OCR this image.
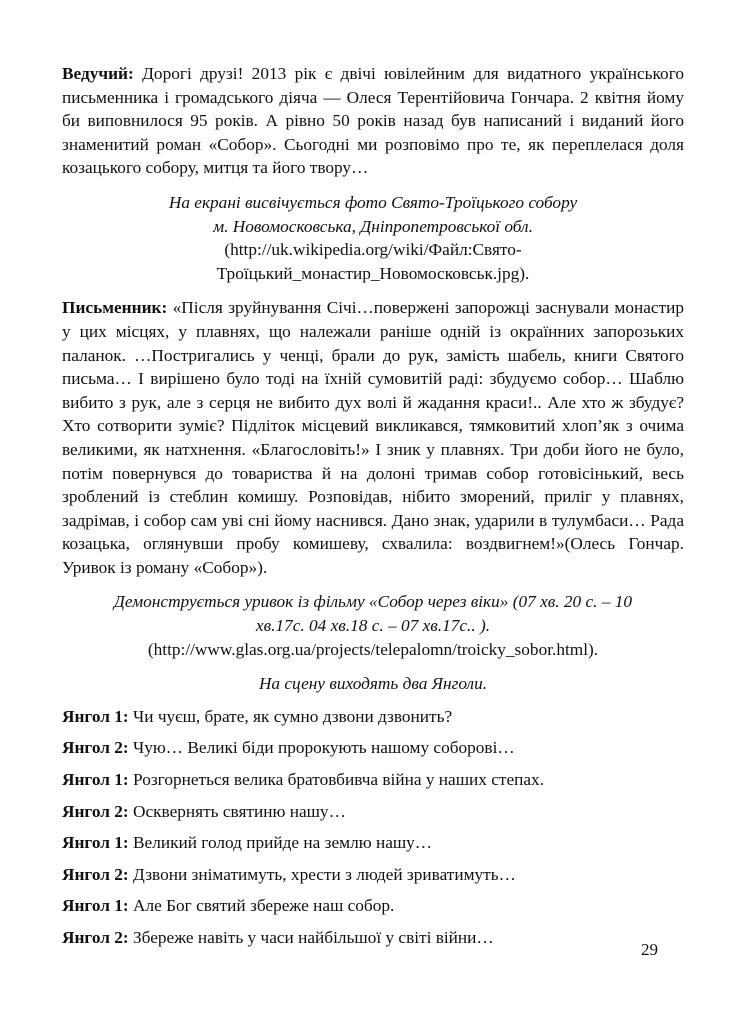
Ведучий: Дорогі друзі! 2013 рік є двічі ювілейним для видатного українського письменника і громадського діяча — Олеся Терентійовича Гончара. 2 квітня йому би виповнилося 95 років. А рівно 50 років назад був написаний і виданий його знаменитий роман «Собор». Сьогодні ми розповімо про те, як переплелася доля козацького собору, митця та його твору…

На екрані висвічується фото Свято-Троїцького собору

м. Новомосковська, Дніпропетровської обл.

(http://uk.wikipedia.org/wiki/Файл:Свято-

Троїцький_монастир_Новомосковськ.jpg).

Письменник: «Після зруйнування Січі…повержені запорожці заснували монастир у цих місцях, у плавнях, що належали раніше одній із окраїнних запорозьких паланок. …Постригались у ченці, брали до рук, замість шабель, книги Святого письма… І вирішено було тоді на їхній сумовитій раді: збудуємо собор… Шаблю вибито з рук, але з серця не вибито дух волі й жадання краси!.. Але хто ж збудує? Хто сотворити зуміє? Підліток місцевий викликався, тямковитий хлоп’як з очима великими, як натхнення. «Благословіть!» І зник у плавнях. Три доби його не було, потім повернувся до товариства й на долоні тримав собор готовісінький, весь зроблений із стеблин комишу. Розповідав, нібито зморений, приліг у плавнях, задрімав, і собор сам уві сні йому наснився. Дано знак, ударили в тулумбаси… Рада козацька, оглянувши пробу комишеву, схвалила: воздвигнем!»(Олесь Гончар. Уривок із роману «Собор»).

Демонструється уривок із фільму «Собор через віки» (07 хв. 20 с. – 10

хв.17с. 04 хв.18 с. – 07 хв.17с.. ).

(http://www.glas.org.ua/projects/telepalomn/troicky_sobor.html).

На сцену виходять два Янголи.

Янгол 1: Чи чуєш, брате, як сумно дзвони дзвонить?

Янгол 2: Чую… Великі біди пророкують нашому соборові…

Янгол 1: Розгорнеться велика братовбивча війна у наших степах.

Янгол 2: Осквернять святиню нашу…

Янгол 1: Великий голод прийде на землю нашу…

Янгол 2: Дзвони зніматимуть, хрести з людей зриватимуть…

Янгол 1: Але Бог святий збереже наш собор.

Янгол 2: Збереже навіть у часи найбільшої у світі війни…

29
